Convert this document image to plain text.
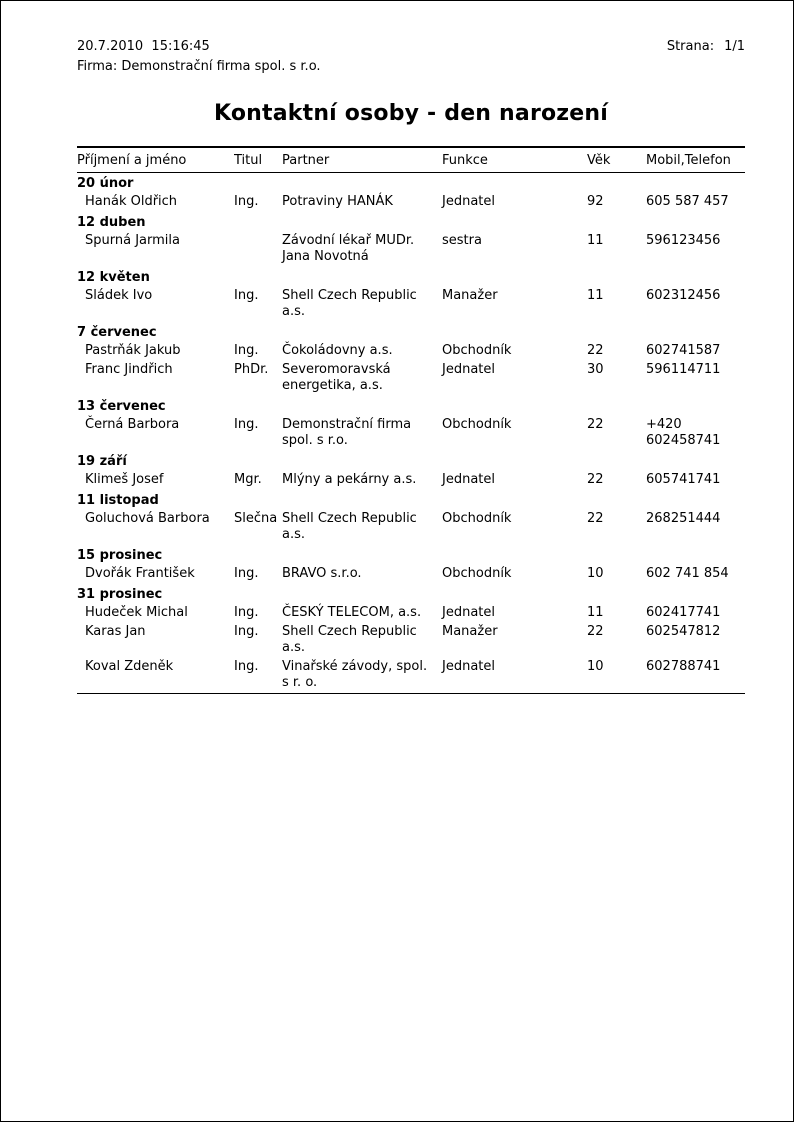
20.7.2010  15:16:45
Firma: Demonstrační firma spol. s r.o.
Strana: 1/1
Kontaktní osoby - den narození
Příjmení a jméno	Titul	Partner	Funkce	Věk	Mobil,Telefon
20 únor					
Hanák Oldřich	Ing.	Potraviny HANÁK	Jednatel	92	605 587 457
12 duben					
Spurná Jarmila		Závodní lékař MUDr. Jana Novotná	sestra	11	596123456
12 květen					
Sládek Ivo	Ing.	Shell Czech Republic a.s.	Manažer	11	602312456
7 červenec					
Pastrňák Jakub	Ing.	Čokoládovny a.s.	Obchodník	22	602741587
Franc Jindřich	PhDr.	Severomoravská energetika, a.s.	Jednatel	30	596114711
13 červenec					
Černá Barbora	Ing.	Demonstrační firma spol. s r.o.	Obchodník	22	+420 602458741
19 září					
Klimeš Josef	Mgr.	Mlýny a pekárny a.s.	Jednatel	22	605741741
11 listopad					
Goluchová Barbora	Slečna	Shell Czech Republic a.s.	Obchodník	22	268251444
15 prosinec					
Dvořák František	Ing.	BRAVO s.r.o.	Obchodník	10	602 741 854
31 prosinec					
Hudeček Michal	Ing.	ČESKÝ TELECOM, a.s.	Jednatel	11	602417741
Karas Jan	Ing.	Shell Czech Republic a.s.	Manažer	22	602547812
Koval Zdeněk	Ing.	Vinařské závody, spol. s r. o.	Jednatel	10	602788741
